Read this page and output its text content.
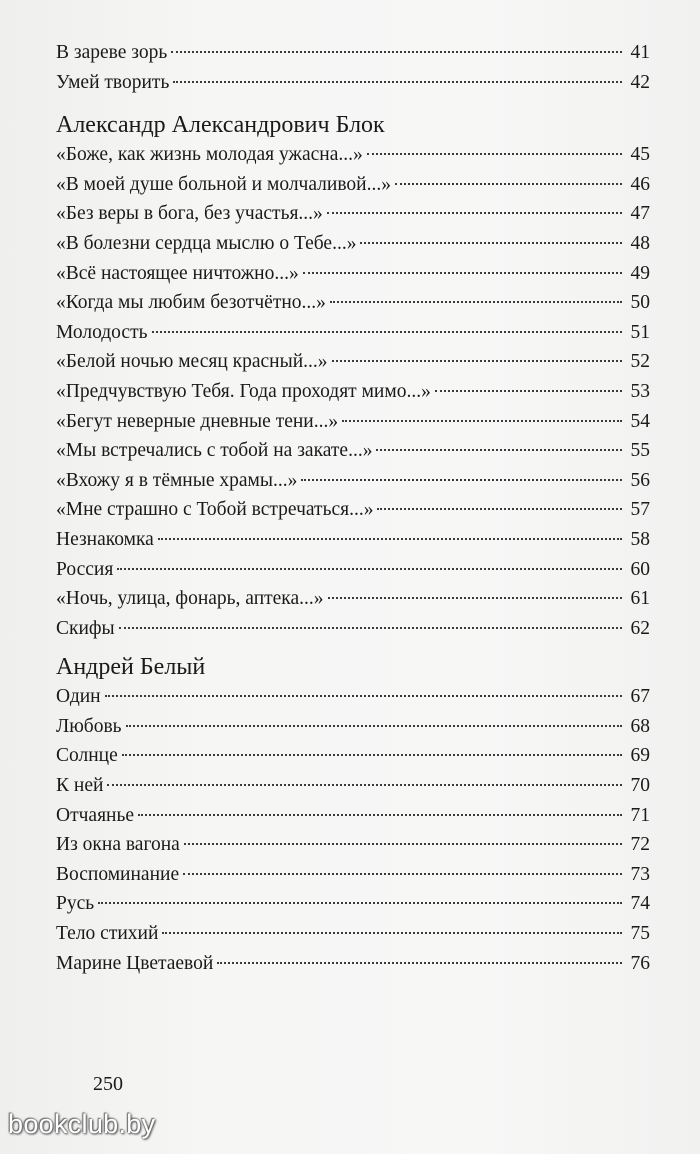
В зареве зорь	41
Умей творить	42
Александр Александрович Блок
«Боже, как жизнь молодая ужасна...»	45
«В моей душе больной и молчаливой...»	46
«Без веры в бога, без участья...»	47
«В болезни сердца мыслю о Тебе...»	48
«Всё настоящее ничтожно...»	49
«Когда мы любим безотчётно...»	50
Молодость	51
«Белой ночью месяц красный...»	52
«Предчувствую Тебя. Года проходят мимо...»	53
«Бегут неверные дневные тени...»	54
«Мы встречались с тобой на закате...»	55
«Вхожу я в тёмные храмы...»	56
«Мне страшно с Тобой встречаться...»	57
Незнакомка	58
Россия	60
«Ночь, улица, фонарь, аптека...»	61
Скифы	62
Андрей Белый
Один	67
Любовь	68
Солнце	69
К ней	70
Отчаянье	71
Из окна вагона	72
Воспоминание	73
Русь	74
Тело стихий	75
Марине Цветаевой	76
250
bookclub.by
